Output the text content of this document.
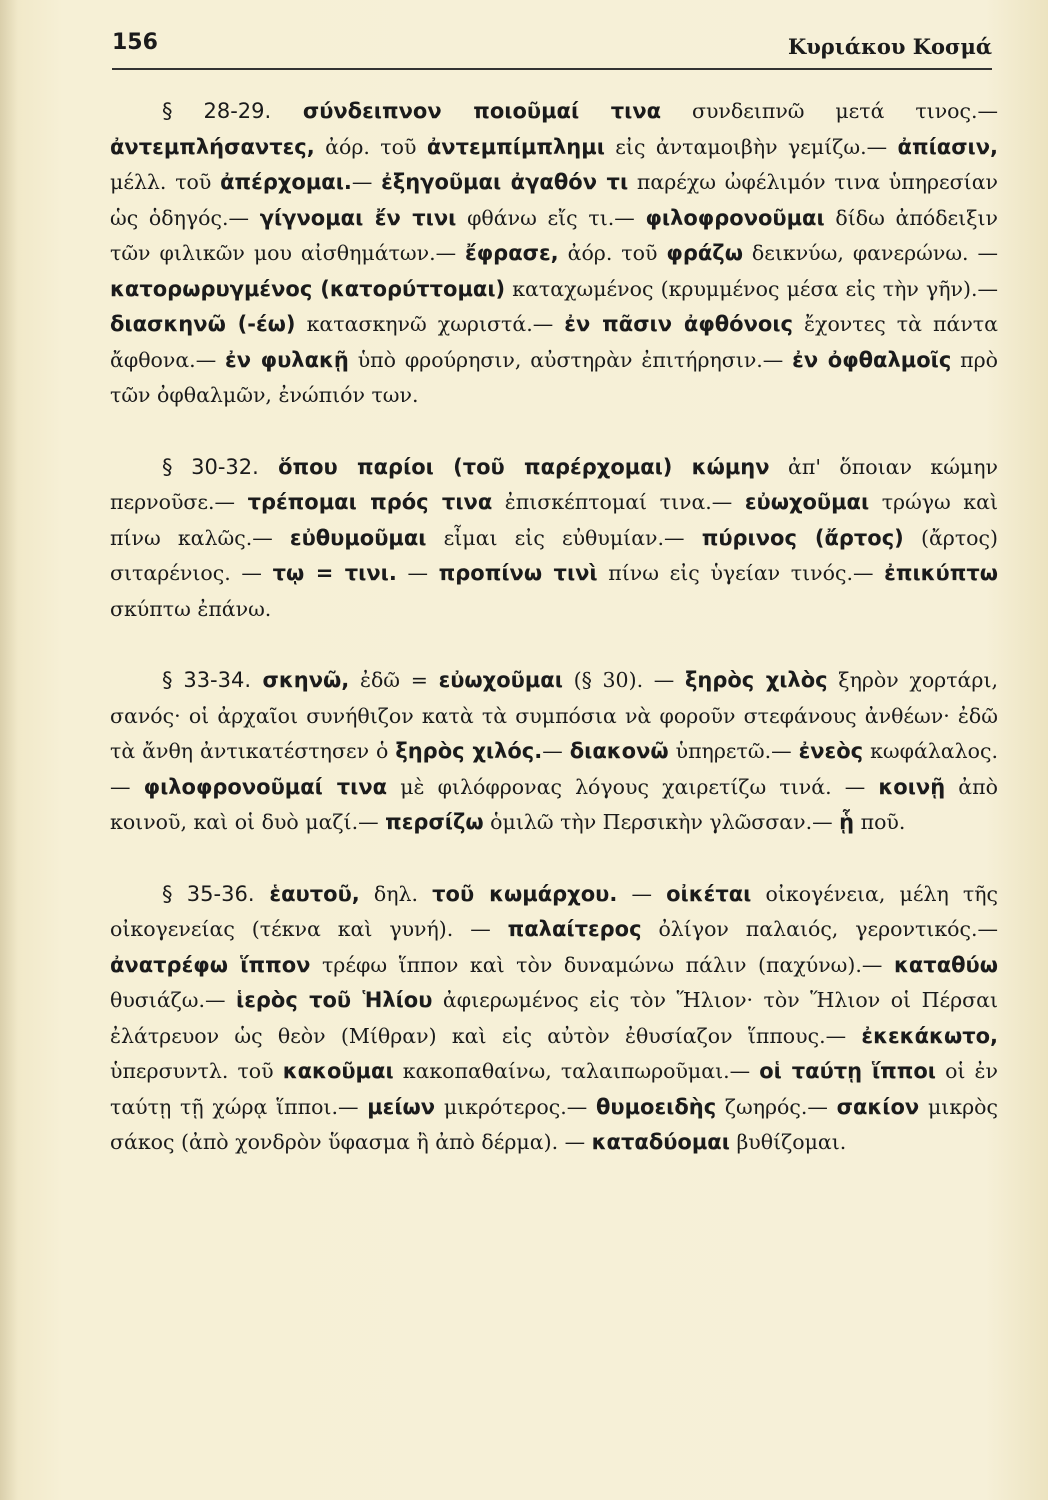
156	Κυριάκου Κοσμά

§ 28-29. σύνδειπνον ποιοῦμαί τινα συνδειπνῶ μετά τινος.— ἀντεμπλήσαντες, ἀόρ. τοῦ ἀντεμπίμπλημι εἰς ἀνταμοιβὴν γεμίζω.— ἀπίασιν, μέλλ. τοῦ ἀπέρχομαι.— ἐξηγοῦμαι ἀγαθόν τι παρέχω ὠφέλιμόν τινα ὑπηρεσίαν ὡς ὁδηγός.— γίγνομαι ἔν τινι φθάνω εἴς τι.— φιλοφρονοῦμαι δίδω ἀπόδειξιν τῶν φιλικῶν μου αἰσθημάτων.— ἔφρασε, ἀόρ. τοῦ φράζω δεικνύω, φανερώνω. — κατορωρυγμένος (κατορύττομαι) καταχωμένος (κρυμμένος μέσα εἰς τὴν γῆν).— διασκηνῶ (-έω) κατασκηνῶ χωριστά.— ἐν πᾶσιν ἀφθόνοις ἔχοντες τὰ πάντα ἄφθονα.— ἐν φυλακῇ ὑπὸ φρούρησιν, αὐστηρὰν ἐπιτήρησιν.— ἐν ὀφθαλμοῖς πρὸ τῶν ὀφθαλμῶν, ἐνώπιόν των.

§ 30-32. ὅπου παρίοι (τοῦ παρέρχομαι) κώμην ἀπ' ὅποιαν κώμην περνοῦσε.— τρέπομαι πρός τινα ἐπισκέπτομαί τινα.— εὐωχοῦμαι τρώγω καὶ πίνω καλῶς.— εὐθυμοῦμαι εἶμαι εἰς εὐθυμίαν.— πύρινος (ἄρτος) (ἄρτος) σιταρένιος. — τῳ = τινι. — προπίνω τινὶ πίνω εἰς ὑγείαν τινός.— ἐπικύπτω σκύπτω ἐπάνω.

§ 33-34. σκηνῶ, ἐδῶ = εὐωχοῦμαι (§ 30). — ξηρὸς χιλὸς ξηρὸν χορτάρι, σανός· οἱ ἀρχαῖοι συνήθιζον κατὰ τὰ συμπόσια νὰ φοροῦν στεφάνους ἀνθέων· ἐδῶ τὰ ἄνθη ἀντικατέστησεν ὁ ξηρὸς χιλός.— διακονῶ ὑπηρετῶ.— ἐνεὸς κωφάλαλος. — φιλοφρονοῦμαί τινα μὲ φιλόφρονας λόγους χαιρετίζω τινά. — κοινῇ ἀπὸ κοινοῦ, καὶ οἱ δυὸ μαζί.— περσίζω ὁμιλῶ τὴν Περσικὴν γλῶσσαν.— ᾗ ποῦ.

§ 35-36. ἑαυτοῦ, δηλ. τοῦ κωμάρχου. — οἰκέται οἰκογένεια, μέλη τῆς οἰκογενείας (τέκνα καὶ γυνή). — παλαίτερος ὀλίγον παλαιός, γεροντικός.— ἀνατρέφω ἵππον τρέφω ἵππον καὶ τὸν δυναμώνω πάλιν (παχύνω).— καταθύω θυσιάζω.— ἱερὸς τοῦ Ἡλίου ἀφιερωμένος εἰς τὸν Ἥλιον· τὸν Ἥλιον οἱ Πέρσαι ἐλάτρευον ὡς θεὸν (Μίθραν) καὶ εἰς αὐτὸν ἐθυσίαζον ἵππους.— ἐκεκάκωτο, ὑπερσυντλ. τοῦ κακοῦμαι κακοπαθαίνω, ταλαιπωροῦμαι.— οἱ ταύτῃ ἵπποι οἱ ἐν ταύτῃ τῇ χώρᾳ ἵπποι.— μείων μικρότερος.— θυμοειδὴς ζωηρός.— σακίον μικρὸς σάκος (ἀπὸ χονδρὸν ὕφασμα ἢ ἀπὸ δέρμα). — καταδύομαι βυθίζομαι.
